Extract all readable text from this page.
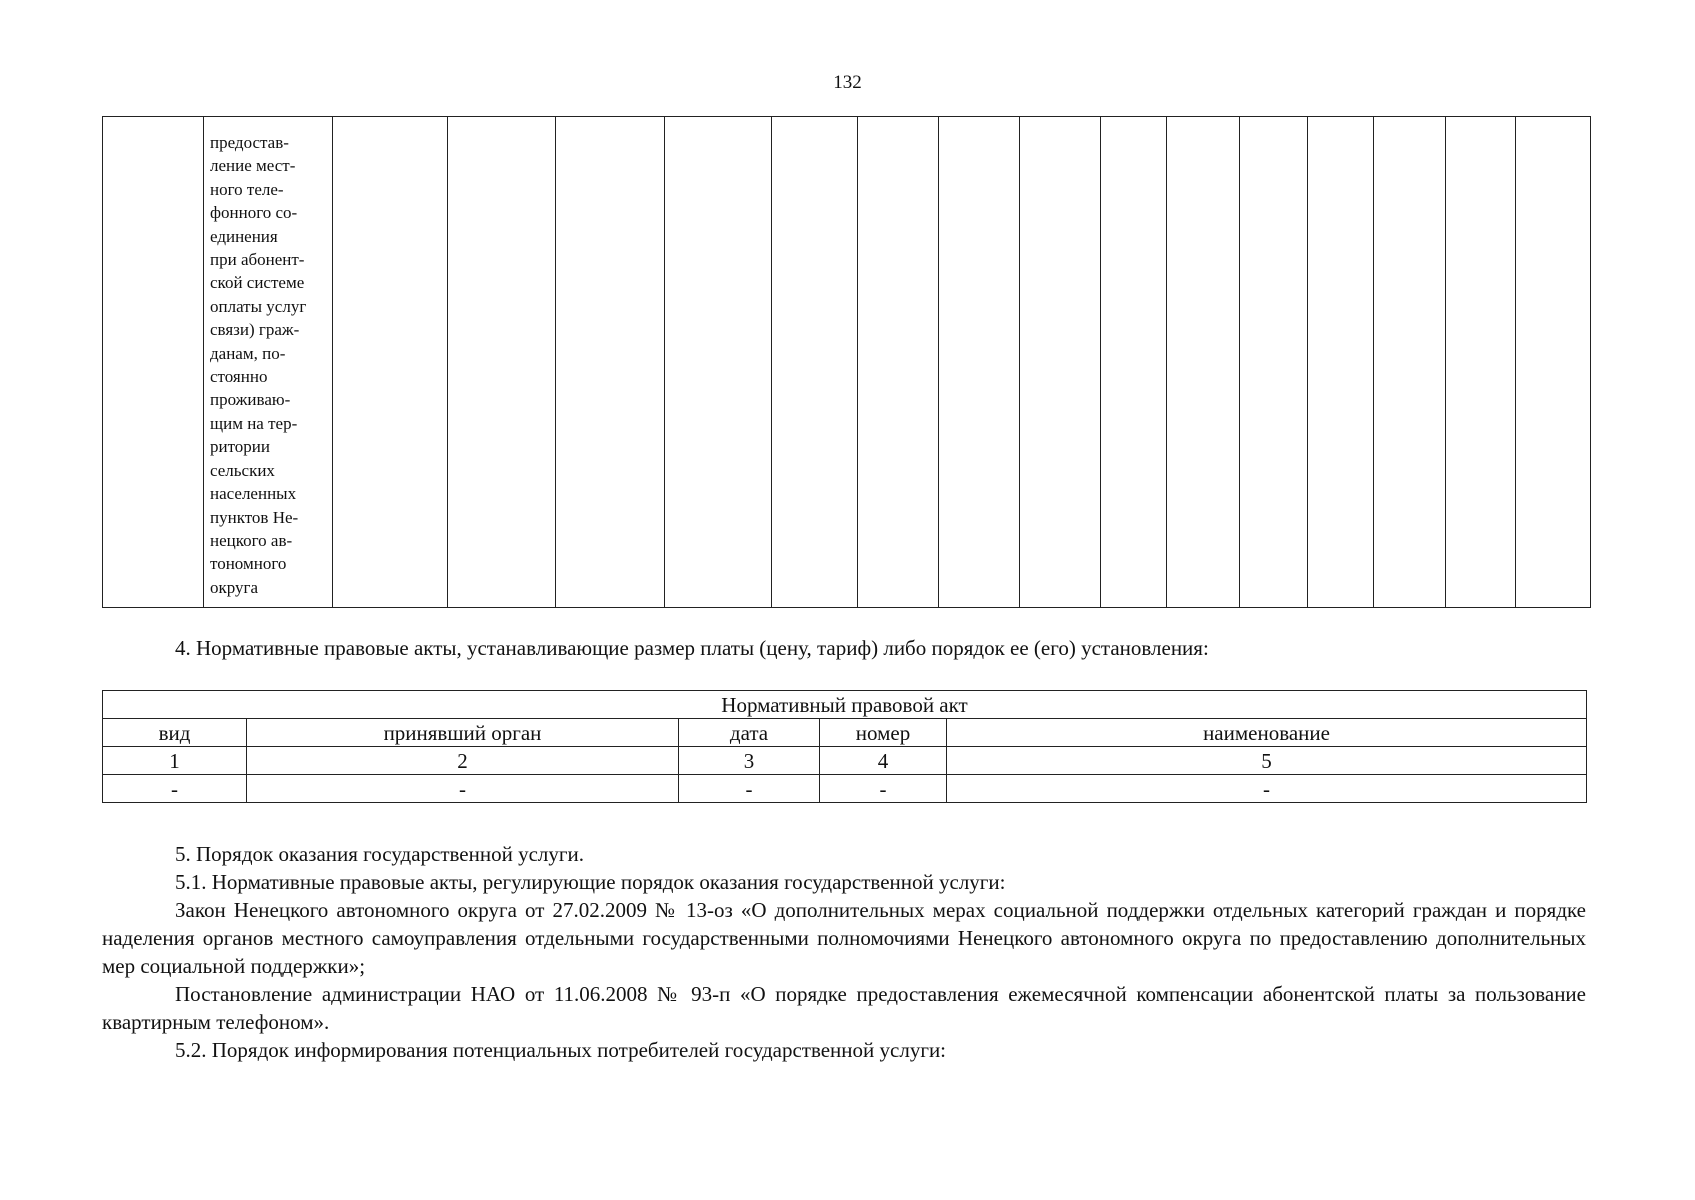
132

предостав-
ление мест-
ного теле-
фонного со-
единения
при абонент-
ской системе
оплаты услуг
связи) граж-
данам, по-
стоянно
проживаю-
щим на тер-
ритории
сельских
населенных
пунктов Не-
нецкого ав-
тономного
округа

4. Нормативные правовые акты, устанавливающие размер платы (цену, тариф) либо порядок ее (его) установления:
Нормативный правовой акт				
вид	принявший орган	дата	номер	наименование
1	2	3	4	5
-	-	-	-	-

5. Порядок оказания государственной услуги.

5.1. Нормативные правовые акты, регулирующие порядок оказания государственной услуги:

Закон Ненецкого автономного округа от 27.02.2009 № 13-оз «О дополнительных мерах социальной поддержки отдельных категорий граждан и порядке наделения органов местного самоуправления отдельными государственными полномочиями Ненецкого автономного округа по предоставлению дополнительных мер социальной поддержки»;

Постановление администрации НАО от 11.06.2008 № 93-п «О порядке предоставления ежемесячной компенсации абонентской платы за пользование квартирным телефоном».

5.2. Порядок информирования потенциальных потребителей государственной услуги:
